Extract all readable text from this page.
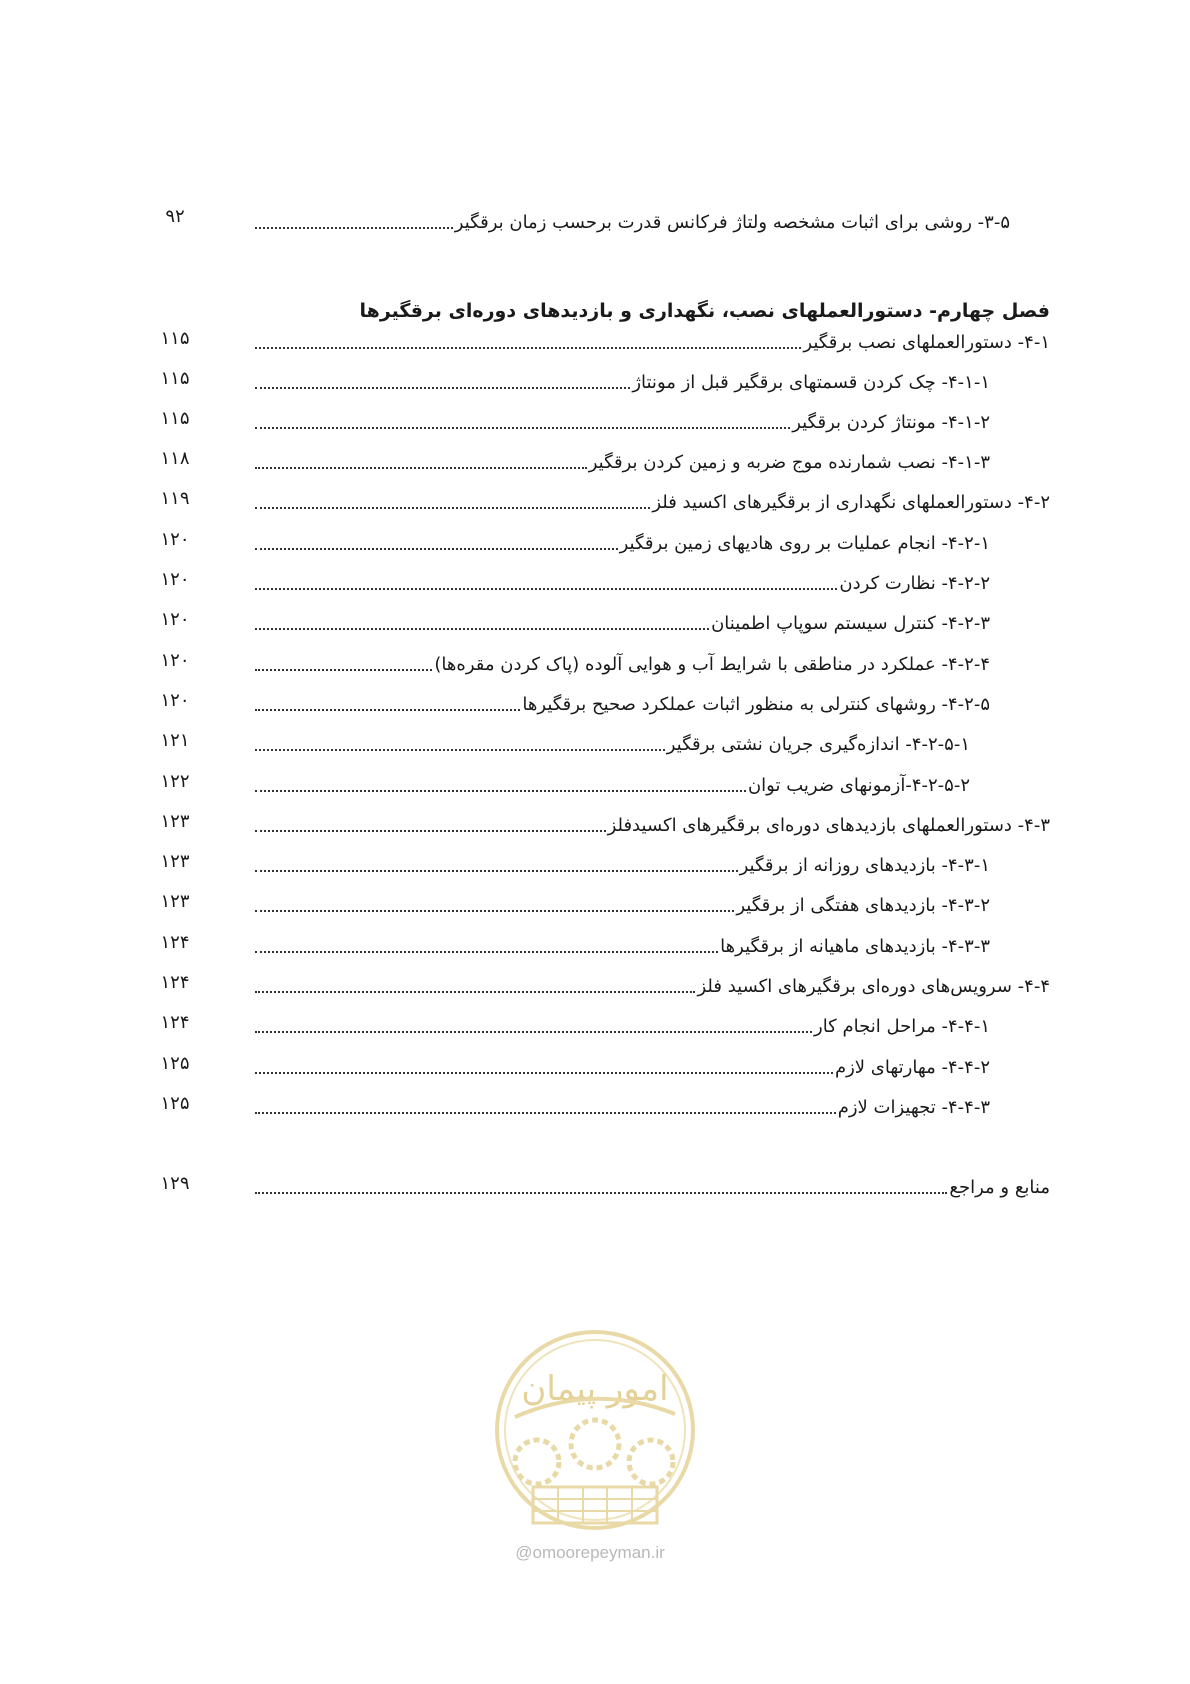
۳-۵- روشی برای اثبات مشخصه ولتاژ فرکانس قدرت برحسب زمان برقگیر
۹۲
فصل چهارم- دستورالعملهای نصب، نگهداری و بازدیدهای دوره‌ای برقگیرها
۴-۱- دستورالعملهای نصب برقگیر
۱۱۵
۴-۱-۱- چک کردن قسمتهای برقگیر قبل از مونتاژ
۱۱۵
۴-۱-۲- مونتاژ کردن برقگیر
۱۱۵
۴-۱-۳- نصب شمارنده موج ضربه و زمین کردن برقگیر
۱۱۸
۴-۲- دستورالعملهای نگهداری از برقگیرهای اکسید فلز
۱۱۹
۴-۲-۱- انجام عملیات بر روی هادیهای زمین برقگیر
۱۲۰
۴-۲-۲- نظارت کردن
۱۲۰
۴-۲-۳- کنترل سیستم سوپاپ اطمینان
۱۲۰
۴-۲-۴- عملکرد در مناطقی با شرایط آب و هوایی آلوده (پاک کردن مقره‌ها)
۱۲۰
۴-۲-۵- روشهای کنترلی به منظور اثبات عملکرد صحیح برقگیرها
۱۲۰
۴-۲-۵-۱- اندازه‌گیری جریان نشتی برقگیر
۱۲۱
۴-۲-۵-۲-آزمونهای ضریب توان
۱۲۲
۴-۳- دستورالعملهای بازدیدهای دوره‌ای برقگیرهای اکسیدفلز
۱۲۳
۴-۳-۱- بازدیدهای روزانه از برقگیر
۱۲۳
۴-۳-۲- بازدیدهای هفتگی از برقگیر
۱۲۳
۴-۳-۳- بازدیدهای ماهیانه از برقگیرها
۱۲۴
۴-۴- سرویس‌های دوره‌ای برقگیرهای اکسید فلز
۱۲۴
۴-۴-۱- مراحل انجام کار
۱۲۴
۴-۴-۲- مهارتهای لازم
۱۲۵
۴-۴-۳- تجهیزات لازم
۱۲۵
منابع و مراجع
۱۲۹
امور پیمان
@omoorepeyman.ir
